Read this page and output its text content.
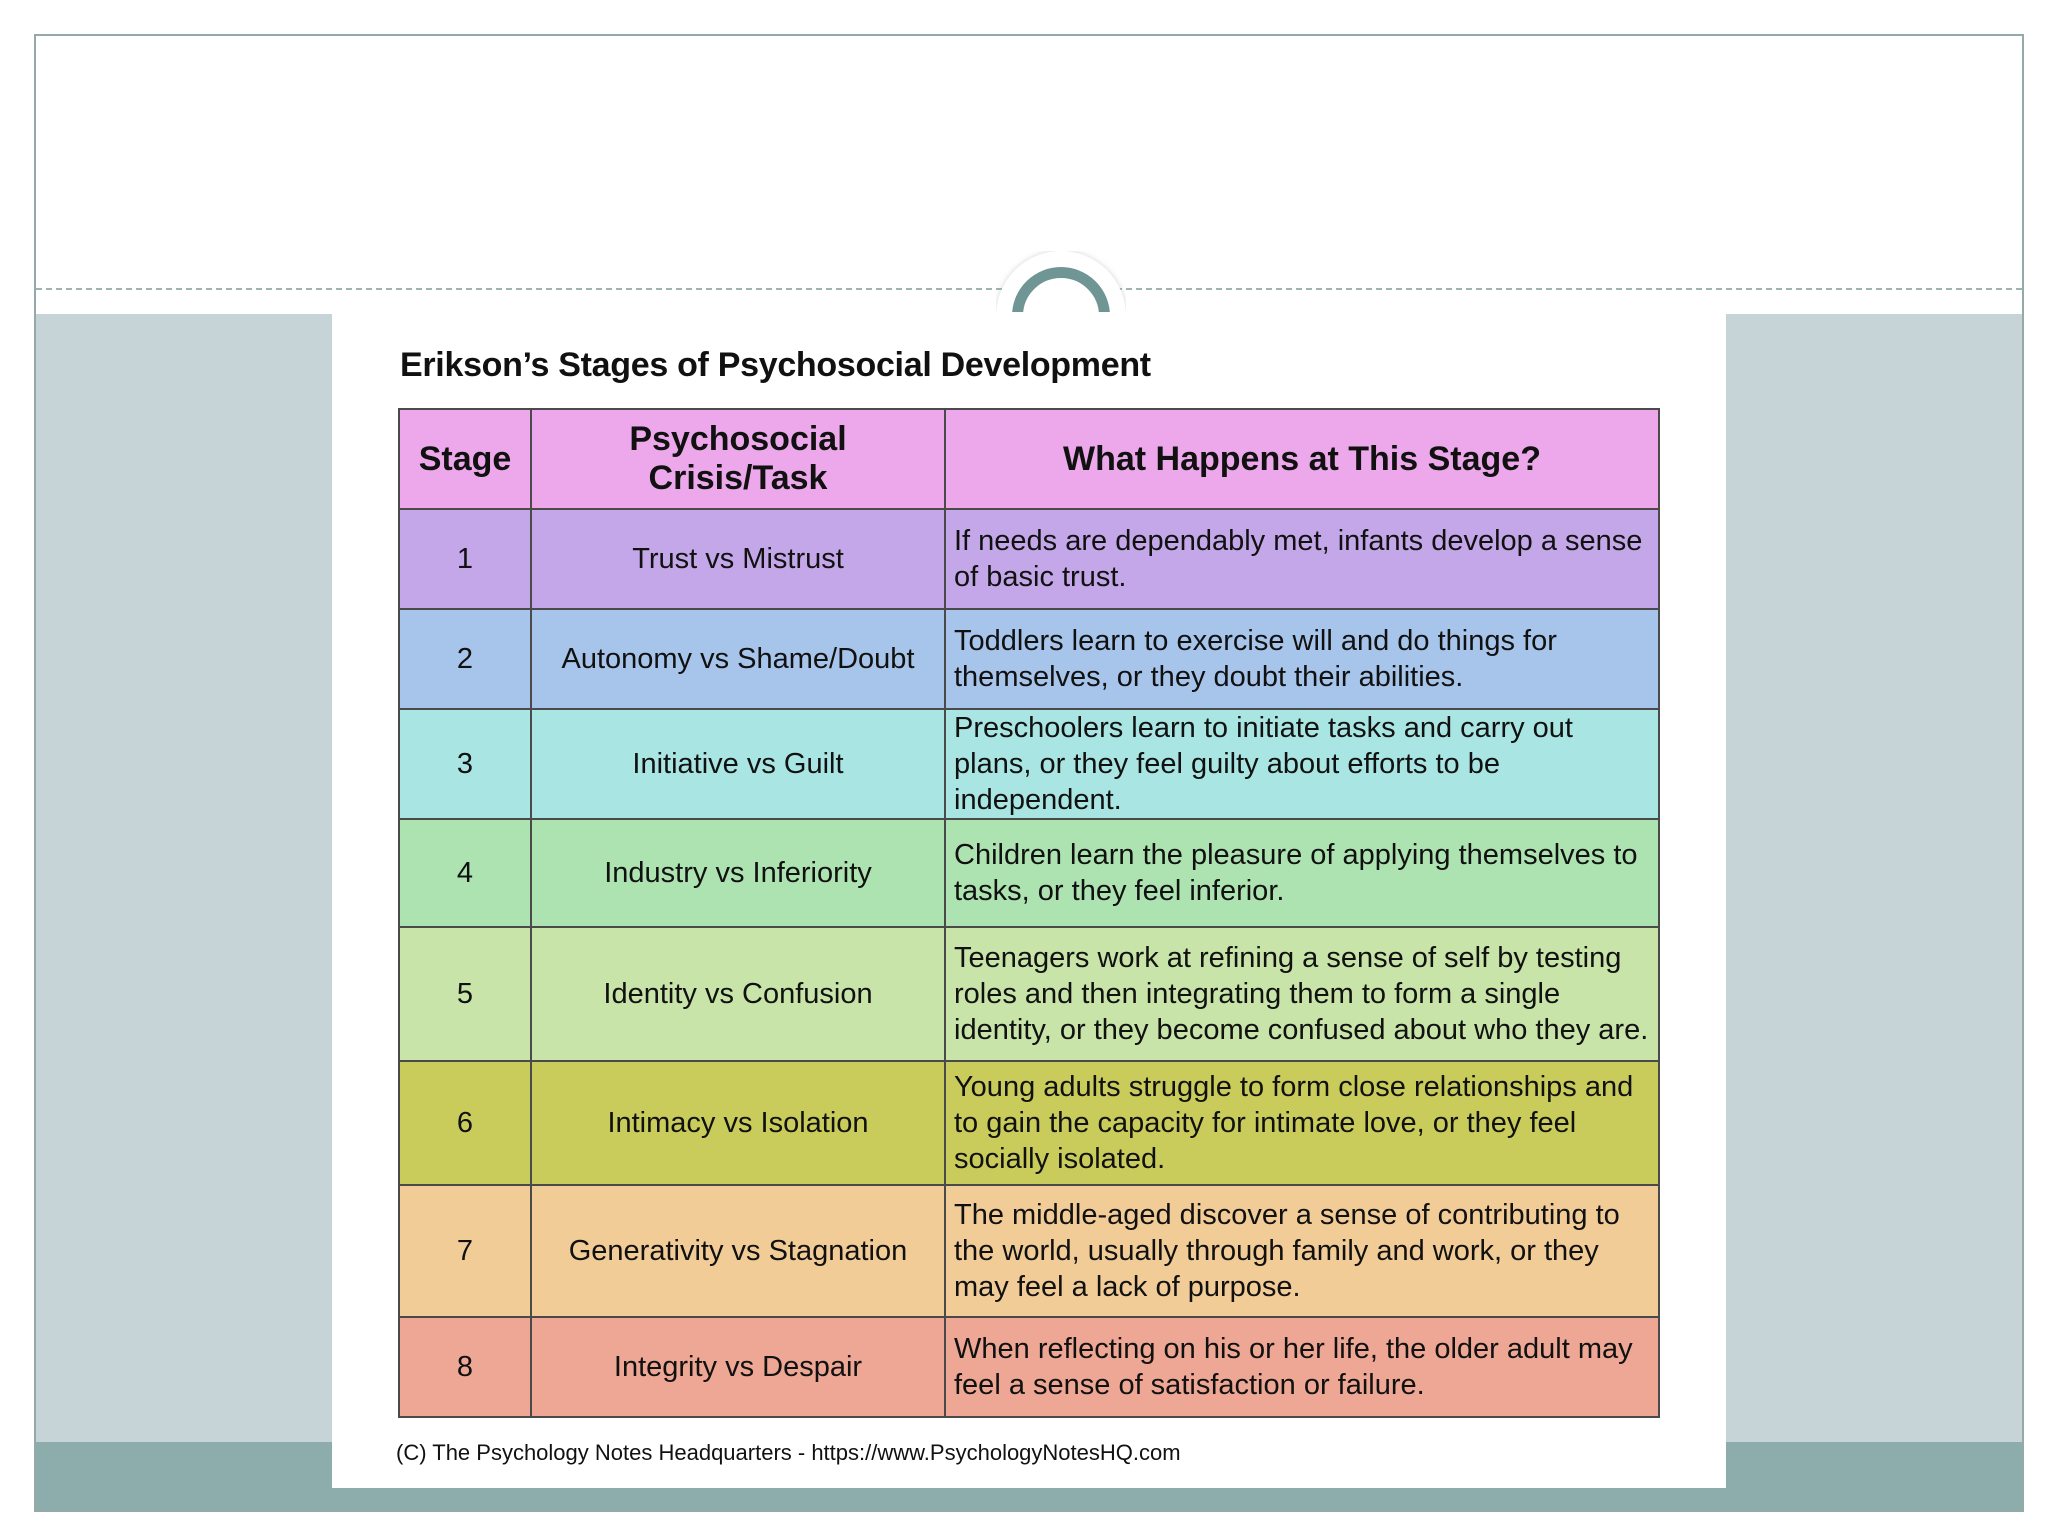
Erikson’s Stages of Psychosocial Development
Stage	Psychosocial Crisis/Task	What Happens at This Stage?
1	Trust vs Mistrust	If needs are dependably met, infants develop a sense of basic trust.
2	Autonomy vs Shame/Doubt	Toddlers learn to exercise will and do things for themselves, or they doubt their abilities.
3	Initiative vs Guilt	Preschoolers learn to initiate tasks and carry out plans, or they feel guilty about efforts to be independent.
4	Industry vs Inferiority	Children learn the pleasure of applying themselves to tasks, or they feel inferior.
5	Identity vs Confusion	Teenagers work at refining a sense of self by testing roles and then integrating them to form a single identity, or they become confused about who they are.
6	Intimacy vs Isolation	Young adults struggle to form close relationships and to gain the capacity for intimate love, or they feel socially isolated.
7	Generativity vs Stagnation	The middle-aged discover a sense of contributing to the world, usually through family and work, or they may feel a lack of purpose.
8	Integrity vs Despair	When reflecting on his or her life, the older adult may feel a sense of satisfaction or failure.

(C) The Psychology Notes Headquarters - https://www.PsychologyNotesHQ.com
